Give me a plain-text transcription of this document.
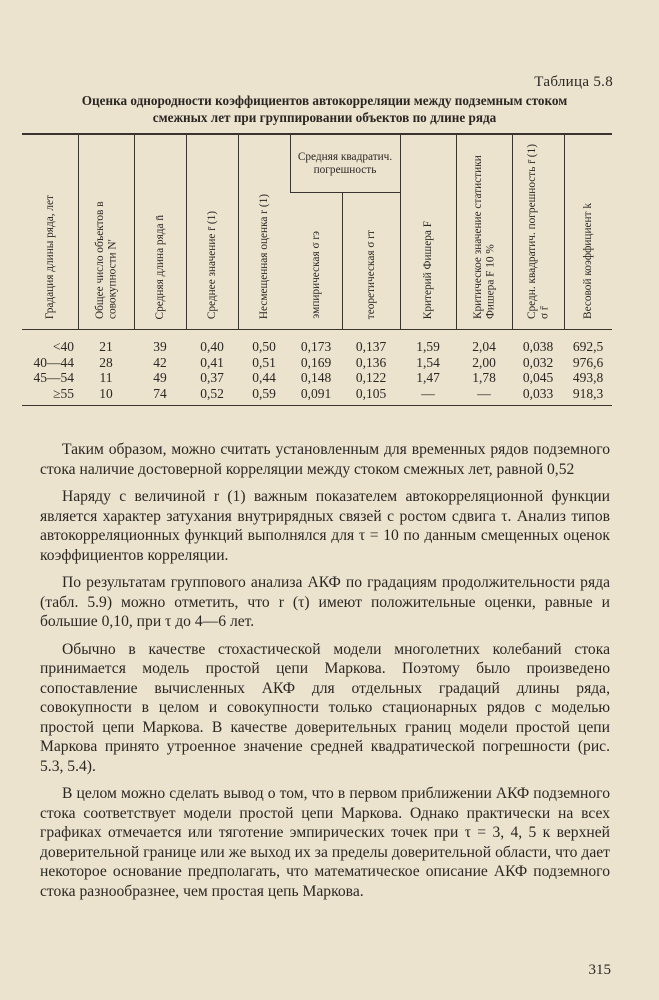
Таблица 5.8
Оценка однородности коэффициентов автокорреляции между подземным стоком
смежных лет при группировании объектов по длине ряда
Градация длины ряда, лет	Общее число объектов в совокупности N′	Средняя длина ряда n̄	Среднее значение r̄ (1)	Несмещенная оценка r (1)	Средняя квадратич. погрешность		Критерий Фишера F	Критическое значение статистики Фишера F 10 %	Средн. квадратич. погрешность r̄ (1) σ r̄	Весовой коэффициент k
					эмпирическая σ rэ	теоретическая σ rт				
<40	21	39	0,40	0,50	0,173	0,137	1,59	2,04	0,038	692,5
40—44	28	42	0,41	0,51	0,169	0,136	1,54	2,00	0,032	976,6
45—54	11	49	0,37	0,44	0,148	0,122	1,47	1,78	0,045	493,8
≥55	10	74	0,52	0,59	0,091	0,105	—	—	0,033	918,3

Таким образом, можно считать установленным для временных рядов подземного стока наличие достоверной корреляции между стоком смежных лет, равной 0,52

Наряду с величиной r (1) важным показателем автокорреляционной функции является характер затухания внутрирядных связей с ростом сдвига τ. Анализ типов автокорреляционных функций выполнялся для τ = 10 по данным смещенных оценок коэффициентов корреляции.

По результатам группового анализа АКФ по градациям продолжительности ряда (табл. 5.9) можно отметить, что r (τ) имеют положительные оценки, равные и большие 0,10, при τ до 4—6 лет.

Обычно в качестве стохастической модели многолетних колебаний стока принимается модель простой цепи Маркова. Поэтому было произведено сопоставление вычисленных АКФ для отдельных градаций длины ряда, совокупности в целом и совокупности только стационарных рядов с моделью простой цепи Маркова. В качестве доверительных границ модели простой цепи Маркова принято утроенное значение средней квадратической погрешности (рис. 5.3, 5.4).

В целом можно сделать вывод о том, что в первом приближении АКФ подземного стока соответствует модели простой цепи Маркова. Однако практически на всех графиках отмечается или тяготение эмпирических точек при τ = 3, 4, 5 к верхней доверительной границе или же выход их за пределы доверительной области, что дает некоторое основание предполагать, что математическое описание АКФ подземного стока разнообразнее, чем простая цепь Маркова.

315
